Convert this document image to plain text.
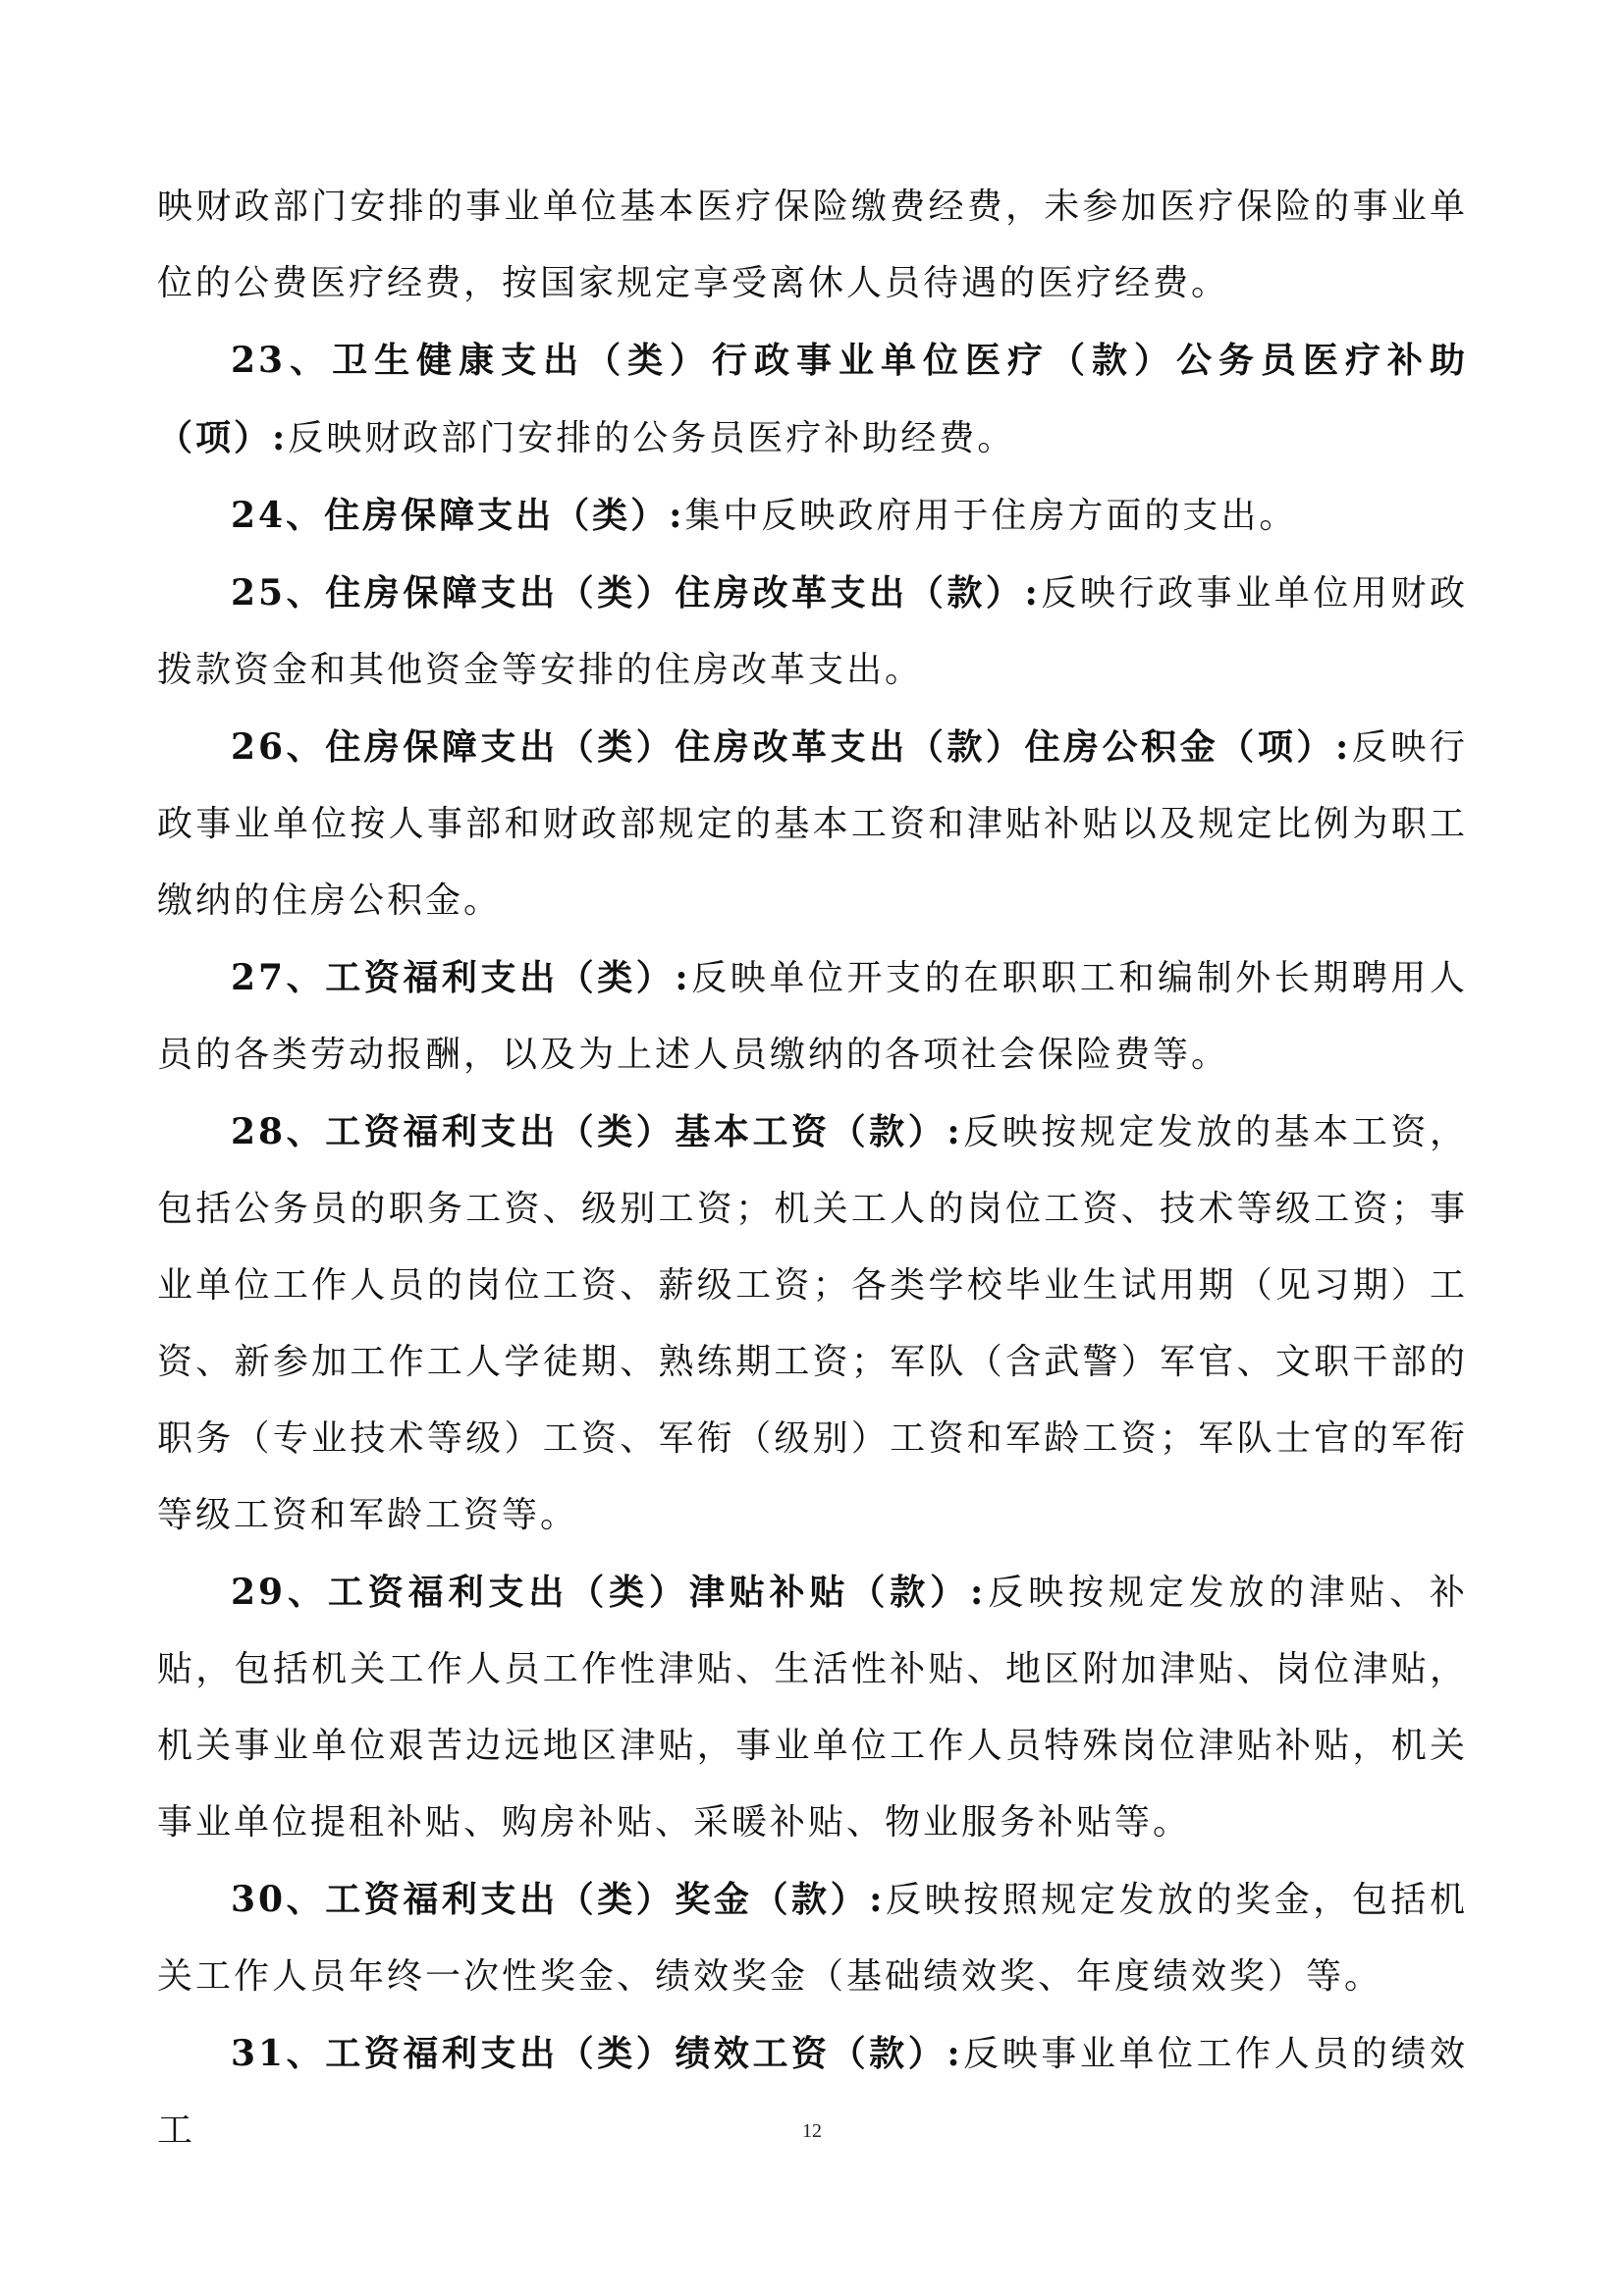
映财政部门安排的事业单位基本医疗保险缴费经费，未参加医疗保险的事业单位的公费医疗经费，按国家规定享受离休人员待遇的医疗经费。

23、卫生健康支出（类）行政事业单位医疗（款）公务员医疗补助（项）:反映财政部门安排的公务员医疗补助经费。

24、住房保障支出（类）:集中反映政府用于住房方面的支出。

25、住房保障支出（类）住房改革支出（款）:反映行政事业单位用财政拨款资金和其他资金等安排的住房改革支出。

26、住房保障支出（类）住房改革支出（款）住房公积金（项）:反映行政事业单位按人事部和财政部规定的基本工资和津贴补贴以及规定比例为职工缴纳的住房公积金。

27、工资福利支出（类）:反映单位开支的在职职工和编制外长期聘用人员的各类劳动报酬，以及为上述人员缴纳的各项社会保险费等。

28、工资福利支出（类）基本工资（款）:反映按规定发放的基本工资，包括公务员的职务工资、级别工资；机关工人的岗位工资、技术等级工资；事业单位工作人员的岗位工资、薪级工资；各类学校毕业生试用期（见习期）工资、新参加工作工人学徒期、熟练期工资；军队（含武警）军官、文职干部的职务（专业技术等级）工资、军衔（级别）工资和军龄工资；军队士官的军衔等级工资和军龄工资等。

29、工资福利支出（类）津贴补贴（款）:反映按规定发放的津贴、补贴，包括机关工作人员工作性津贴、生活性补贴、地区附加津贴、岗位津贴，机关事业单位艰苦边远地区津贴，事业单位工作人员特殊岗位津贴补贴，机关事业单位提租补贴、购房补贴、采暖补贴、物业服务补贴等。

30、工资福利支出（类）奖金（款）:反映按照规定发放的奖金，包括机关工作人员年终一次性奖金、绩效奖金（基础绩效奖、年度绩效奖）等。

31、工资福利支出（类）绩效工资（款）:反映事业单位工作人员的绩效工	12
